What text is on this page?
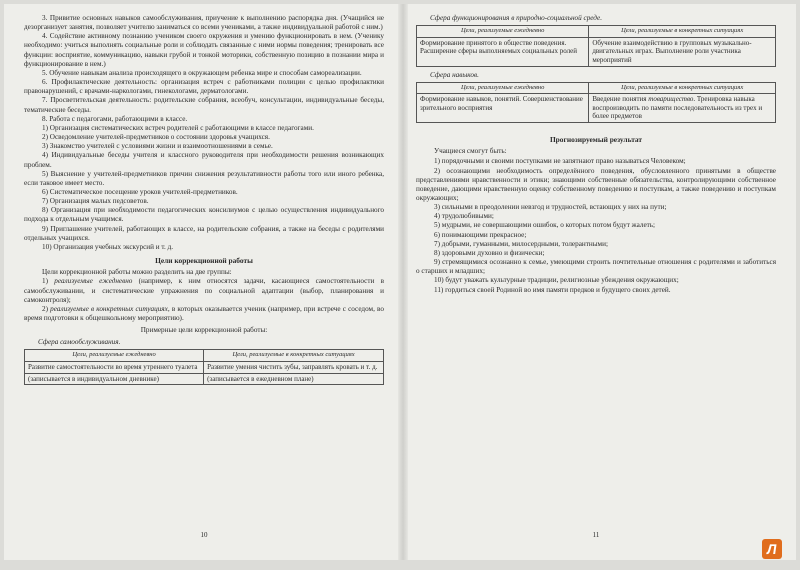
3. Привитие основных навыков самообслуживания, приучение к выполнению распорядка дня. (Учащийся не дезорганизует занятия, позволяет учителю заниматься со всеми учениками, а также индивидуальной работой с ним.)

4. Содействие активному познанию учеником своего окружения и умению функционировать в нем. (Ученику необходимо: учиться выполнять социальные роли и соблюдать связанные с ними нормы поведения; тренировать все функции: восприятие, коммуникацию, навыки грубой и тонкой моторики, собственную позицию в познании мира и функционирование в нем.)

5. Обучение навыкам анализа происходящего в окружающем ребенка мире и способам самореализации.

6. Профилактические деятельность: организация встреч с работниками полиции с целью профилактики правонарушений, с врачами-наркологами, гинекологами, дерматологами.

7. Просветительская деятельность: родительские собрания, всеобуч, консультации, индивидуальные беседы, тематические беседы.

8. Работа с педагогами, работающими в классе.

1) Организация систематических встреч родителей с работающими в классе педагогами.

2) Осведомление учителей-предметников о состоянии здоровья учащихся.

3) Знакомство учителей с условиями жизни и взаимоотношениями в семье.

4) Индивидуальные беседы учителя и классного руководителя при необходимости решения возникающих проблем.

5) Выяснение у учителей-предметников причин снижения результативности работы того или иного ребенка, если таковое имеет место.

6) Систематическое посещение уроков учителей-предметников.

7) Организация малых педсоветов.

8) Организация при необходимости педагогических консилиумов с целью осуществления индивидуального подхода к отдельным учащимся.

9) Приглашение учителей, работающих в классе, на родительские собрания, а также на беседы с родителями отдельных учащихся.

10) Организация учебных экскурсий и т. д.

Цели коррекционной работы

Цели коррекционной работы можно разделить на две группы:

1) реализуемые ежедневно (например, к ним относятся задачи, касающиеся самостоятельности в самообслуживании, и систематические упражнения по социальной адаптации (выбор, планирования и самоконтроля);

2) реализуемые в конкретных ситуациях, в которых оказывается ученик (например, при встрече с соседом, во время подготовки к общешкольному мероприятию).

Примерные цели коррекционной работы:

Сфера самообслуживания.

Цели, реализуемые ежедневно	Цели, реализуемые в конкретных ситуациях
Развитие самостоятельности во время утреннего туалета	Развитие умения чистить зубы, заправлять кровать и т. д.
(записывается в индивидуальном дневнике)	(записывается в ежедневном плане)
10

Сфера функционирования в природно-социальной среде.

Цели, реализуемые ежедневно	Цели, реализуемые в конкретных ситуациях
Формирование принятого в обществе поведения. Расширение сферы выполняемых социальных ролей	Обучение взаимодействию в групповых музыкально-двигательных играх. Выполнение роли участника мероприятий

Сфера навыков.

Цели, реализуемые ежедневно	Цели, реализуемые в конкретных ситуациях
Формирование навыков, понятий. Совершенствование зрительного восприятия	Введение понятия товарищество. Тренировка навыка воспроизводить по памяти последовательность из трех и более предметов

Прогнозируемый результат

Учащиеся смогут быть:

1) порядочными и своими поступками не запятнают право называться Человеком;

2) осознающими необходимость определённого поведения, обусловленного принятыми в обществе представлениями нравственности и этики; знающими собственные обязательства, контролирующими собственное поведение, дающими нравственную оценку собственному поведению и поступкам, а также поведению и поступкам окружающих;

3) сильными в преодолении невзгод и трудностей, встающих у них на пути;

4) трудолюбивыми;

5) мудрыми, не совершающими ошибок, о которых потом будут жалеть;

6) понимающими прекрасное;

7) добрыми, гуманными, милосердными, толерантными;

8) здоровыми духовно и физически;

9) стремящимися осознанно к семье, умеющими строить почтительные отношения с родителями и заботиться о старших и младших;

10) будут уважать культурные традиции, религиозные убеждения окружающих;

11) гордиться своей Родиной во имя памяти предков и будущего своих детей.

11
Л
